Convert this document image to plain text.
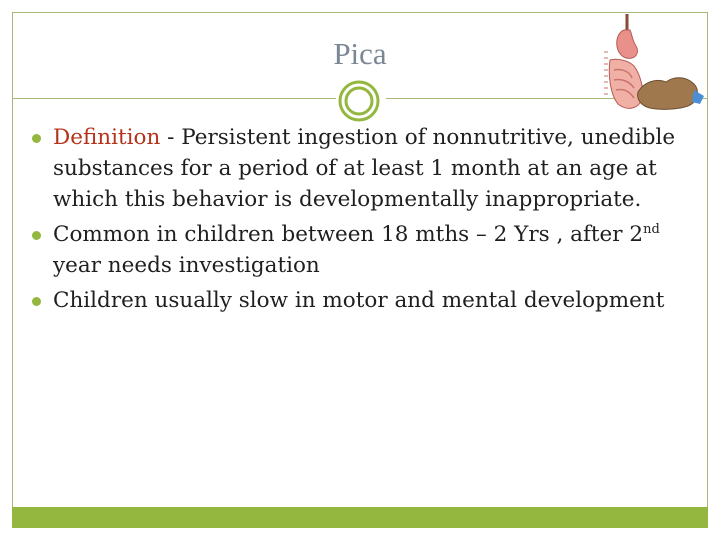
Pica
Definition - Persistent ingestion of nonnutritive, unedible substances for a period of at least 1 month at an age at which this behavior is developmentally inappropriate.
Common in children between 18 mths – 2 Yrs , after 2nd year needs investigation
Children usually slow in motor and mental development
